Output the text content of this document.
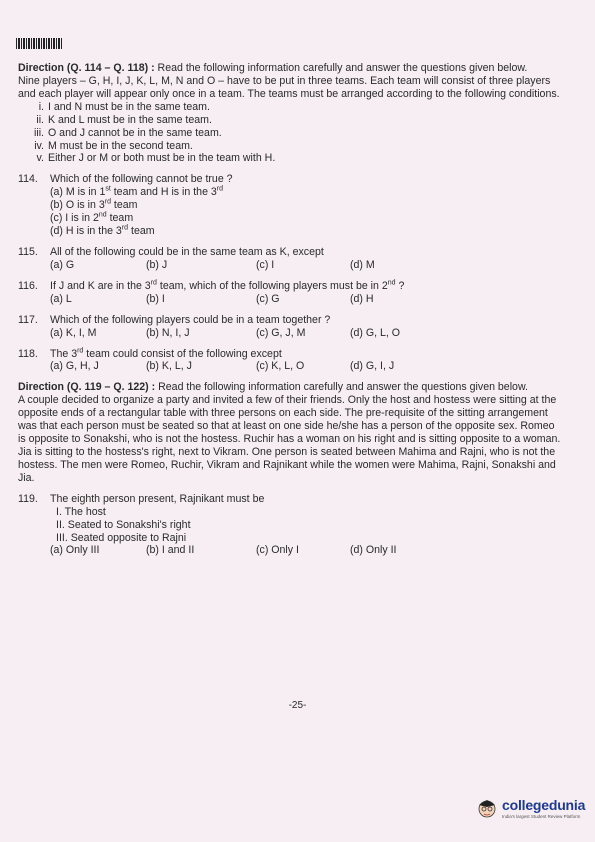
Direction (Q. 114 – Q. 118) : Read the following information carefully and answer the questions given below.

Nine players – G, H, I, J, K, L, M, N and O – have to be put in three teams. Each team will consist of three players and each player will appear only once in a team. The teams must be arranged according to the following conditions.

i. I and N must be in the same team.
ii. K and L must be in the same team.
iii. O and J cannot be in the same team.
iv. M must be in the second team.
v. Either J or M or both must be in the team with H.
114.	Which of the following cannot be true ?
(a) M is in 1st team and H is in the 3rd
(b) O is in 3rd team
(c) I is in 2nd team
(d) H is in the 3rd team
115.	All of the following could be in the same team as K, except
(a) G	(b) J	(c) I	(d) M
116.	If J and K are in the 3rd team, which of the following players must be in 2nd ?
(a) L	(b) I	(c) G	(d) H
117.	Which of the following players could be in a team together ?
(a) K, I, M	(b) N, I, J	(c) G, J, M	(d) G, L, O
118.	The 3rd team could consist of the following except
(a) G, H, J	(b) K, L, J	(c) K, L, O	(d) G, I, J

Direction (Q. 119 – Q. 122) : Read the following information carefully and answer the questions given below.

A couple decided to organize a party and invited a few of their friends. Only the host and hostess were sitting at the opposite ends of a rectangular table with three persons on each side. The pre-requisite of the sitting arrangement was that each person must be seated so that at least on one side he/she has a person of the opposite sex. Romeo is opposite to Sonakshi, who is not the hostess. Ruchir has a woman on his right and is sitting opposite to a woman. Jia is sitting to the hostess's right, next to Vikram. One person is seated between Mahima and Rajni, who is not the hostess. The men were Romeo, Ruchir, Vikram and Rajnikant while the women were Mahima, Rajni, Sonakshi and Jia.

119.	The eighth person present, Rajnikant must be
I. The host
II. Seated to Sonakshi's right
III. Seated opposite to Rajni
(a) Only III	(b) I and II	(c) Only I	(d) Only II
-25-
collegedunia
India's largest Student Review Platform
